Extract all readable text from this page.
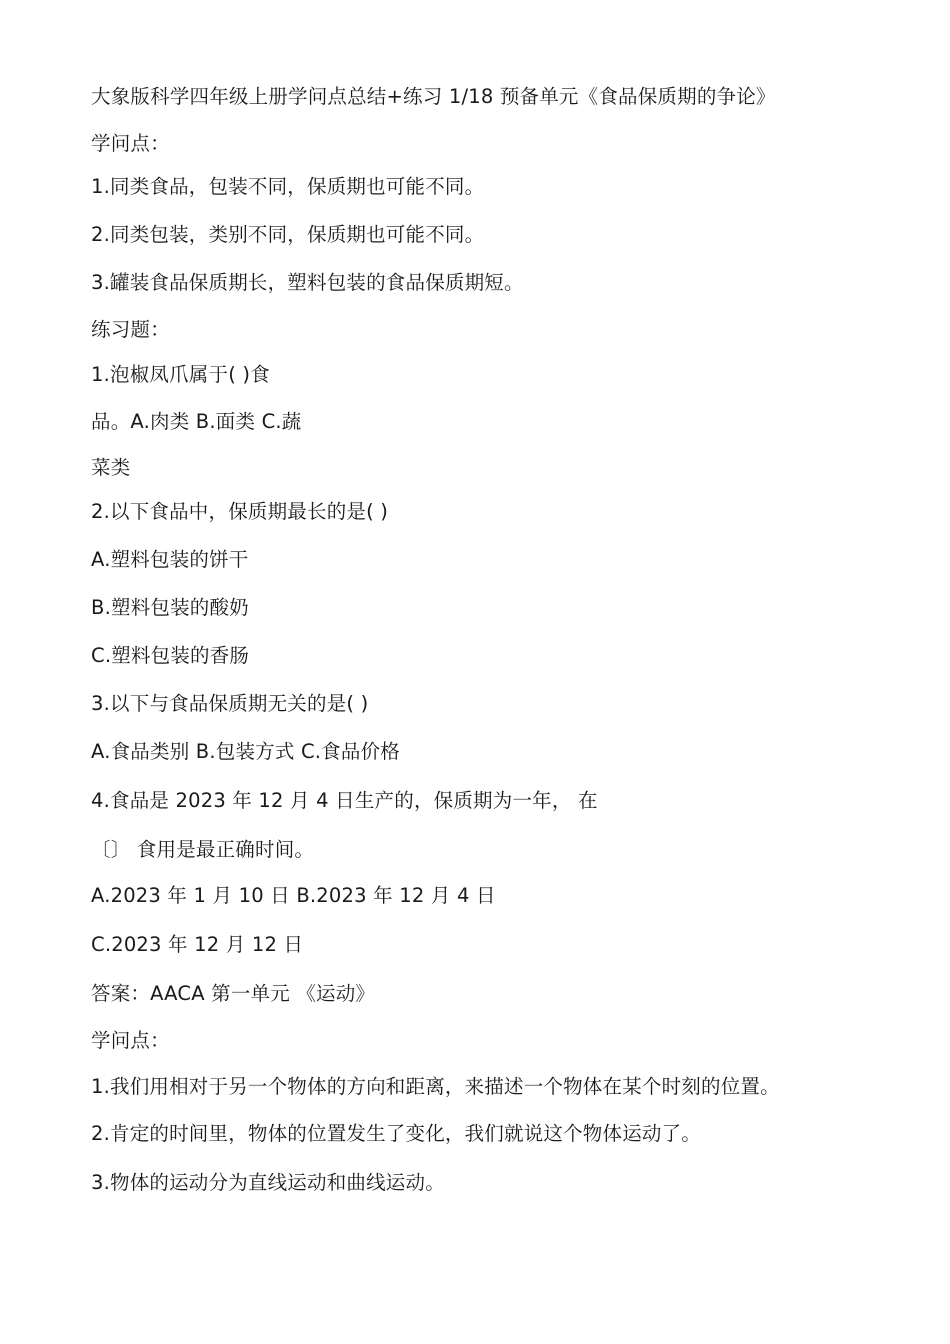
大象版科学四年级上册学问点总结+练习 1/18 预备单元《食品保质期的争论》
学问点：
1.同类食品，包装不同，保质期也可能不同。
2.同类包装，类别不同，保质期也可能不同。
3.罐装食品保质期长，塑料包装的食品保质期短。
练习题：
1.泡椒凤爪属于( )食
品。A.肉类 B.面类 C.蔬
菜类
2.以下食品中，保质期最长的是( )
A.塑料包装的饼干
B.塑料包装的酸奶
C.塑料包装的香肠
3.以下与食品保质期无关的是( )
A.食品类别 B.包装方式 C.食品价格
4.食品是 2023 年 12 月 4 日生产的，保质期为一年， 在
〔〕 食用是最正确时间。
A.2023 年 1 月 10 日 B.2023 年 12 月 4 日
C.2023 年 12 月 12 日
答案：AACA 第一单元 《运动》
学问点：
1.我们用相对于另一个物体的方向和距离，来描述一个物体在某个时刻的位置。
2.肯定的时间里，物体的位置发生了变化，我们就说这个物体运动了。
3.物体的运动分为直线运动和曲线运动。
